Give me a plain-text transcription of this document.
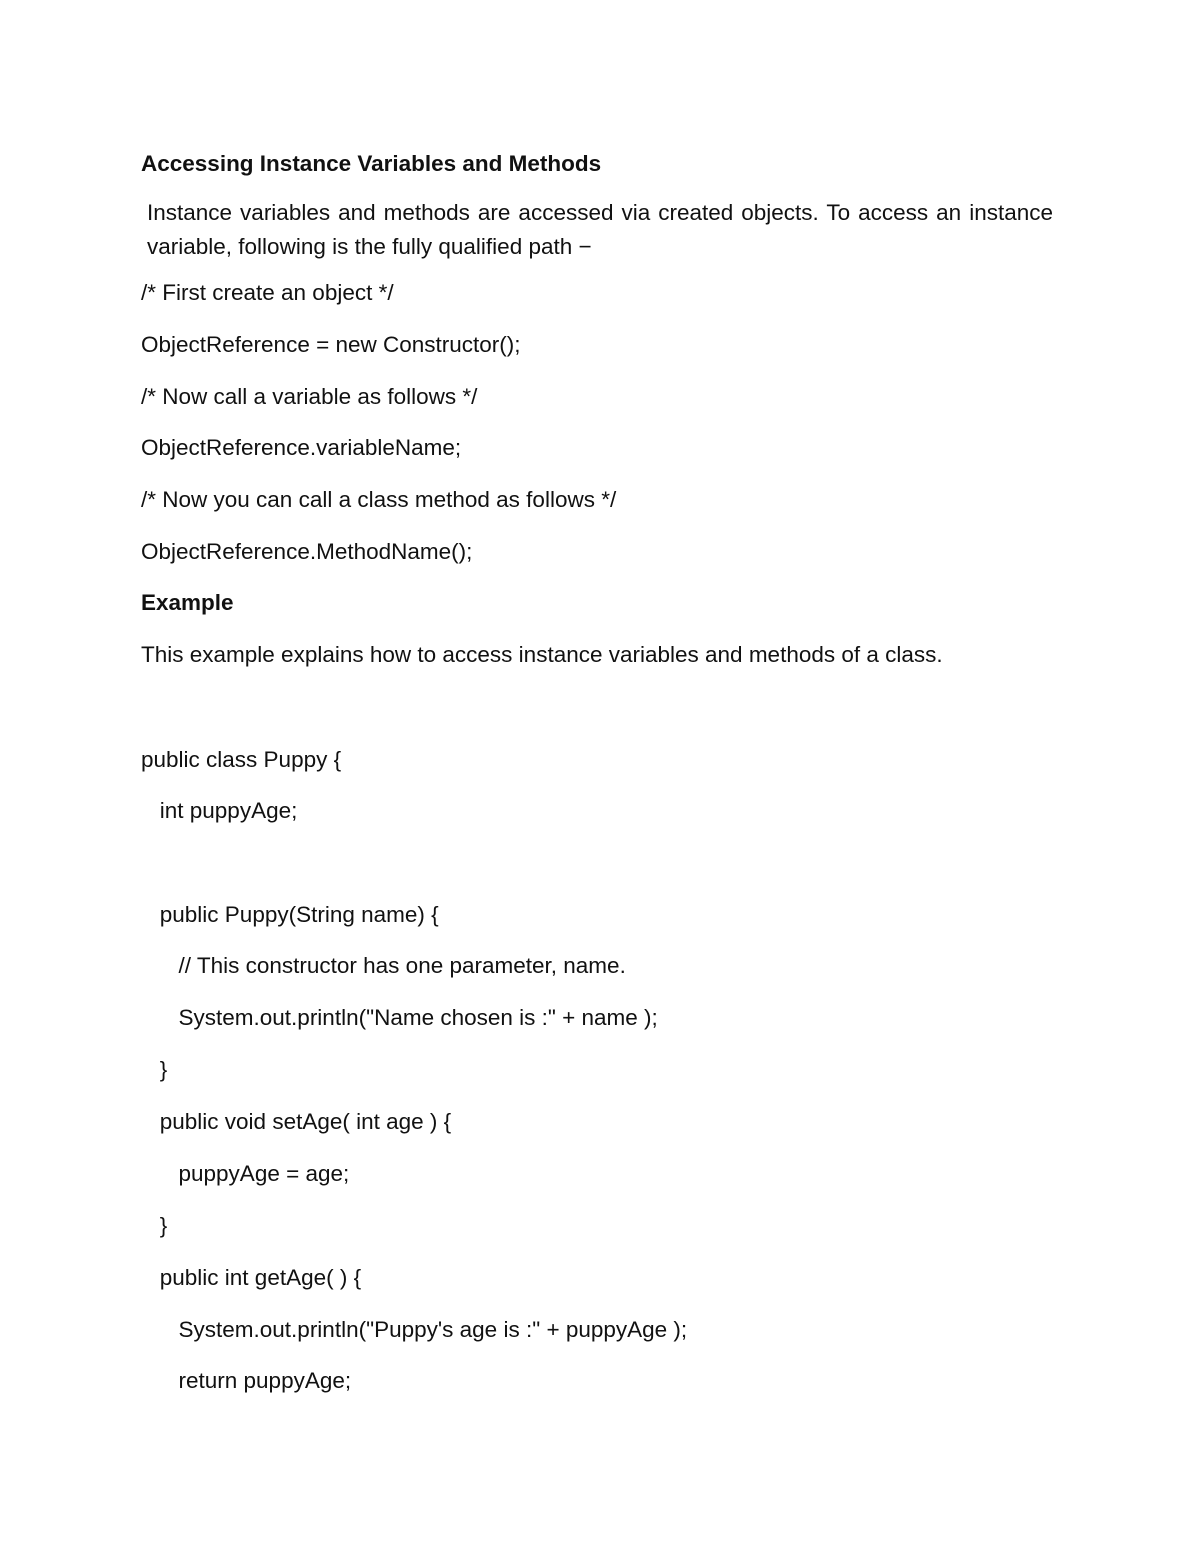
Accessing Instance Variables and Methods
Instance variables and methods are accessed via created objects. To access an instance variable, following is the fully qualified path −
/* First create an object */
ObjectReference = new Constructor();
/* Now call a variable as follows */
ObjectReference.variableName;
/* Now you can call a class method as follows */
ObjectReference.MethodName();
Example
This example explains how to access instance variables and methods of a class.
public class Puppy {
int puppyAge;
public Puppy(String name) {
// This constructor has one parameter, name.
System.out.println("Name chosen is :" + name );
}
public void setAge( int age ) {
puppyAge = age;
}
public int getAge( ) {
System.out.println("Puppy's age is :" + puppyAge );
return puppyAge;
